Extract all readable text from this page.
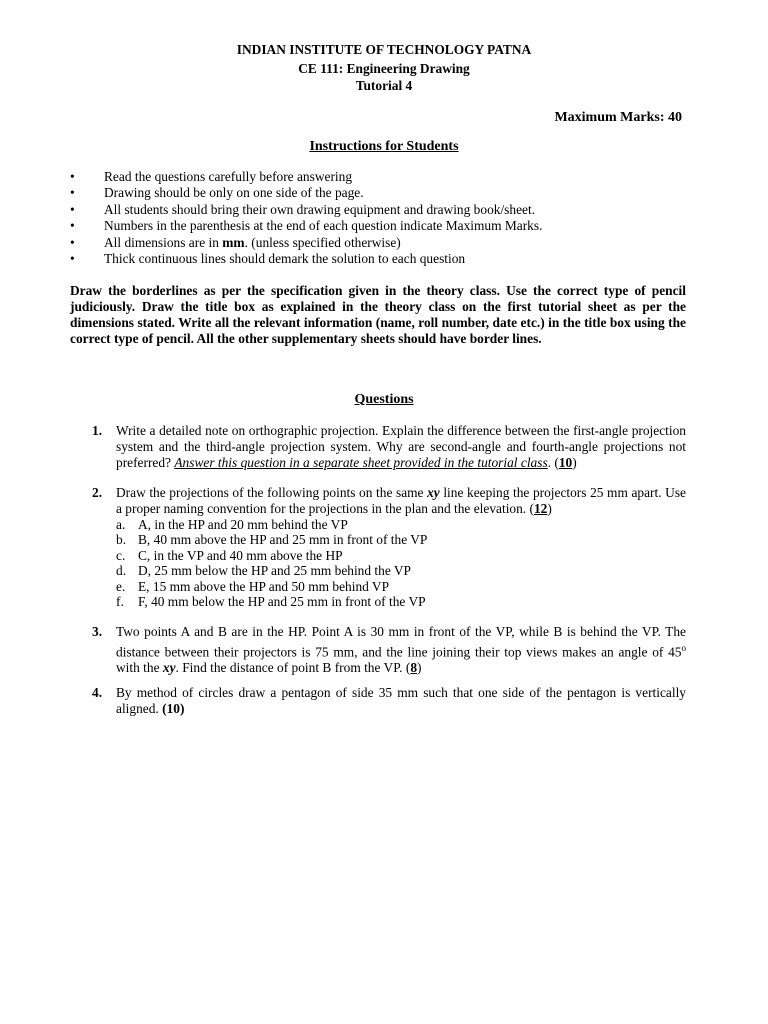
INDIAN INSTITUTE OF TECHNOLOGY PATNA
CE 111: Engineering Drawing
Tutorial 4
Maximum Marks: 40
Instructions for Students
• Read the questions carefully before answering
• Drawing should be only on one side of the page.
• All students should bring their own drawing equipment and drawing book/sheet.
• Numbers in the parenthesis at the end of each question indicate Maximum Marks.
• All dimensions are in mm. (unless specified otherwise)
• Thick continuous lines should demark the solution to each question
Draw the borderlines as per the specification given in the theory class. Use the correct type of pencil judiciously. Draw the title box as explained in the theory class on the first tutorial sheet as per the dimensions stated. Write all the relevant information (name, roll number, date etc.) in the title box using the correct type of pencil. All the other supplementary sheets should have border lines.
Questions
1. Write a detailed note on orthographic projection. Explain the difference between the first-angle projection system and the third-angle projection system. Why are second-angle and fourth-angle projections not preferred? Answer this question in a separate sheet provided in the tutorial class. (10)
2. Draw the projections of the following points on the same xy line keeping the projectors 25 mm apart. Use a proper naming convention for the projections in the plan and the elevation. (12)
a. A, in the HP and 20 mm behind the VP
b. B, 40 mm above the HP and 25 mm in front of the VP
c. C, in the VP and 40 mm above the HP
d. D, 25 mm below the HP and 25 mm behind the VP
e. E, 15 mm above the HP and 50 mm behind VP
f. F, 40 mm below the HP and 25 mm in front of the VP
3. Two points A and B are in the HP. Point A is 30 mm in front of the VP, while B is behind the VP. The distance between their projectors is 75 mm, and the line joining their top views makes an angle of 45$^o$ with the xy. Find the distance of point B from the VP. (8)
4. By method of circles draw a pentagon of side 35 mm such that one side of the pentagon is vertically aligned. (10)
